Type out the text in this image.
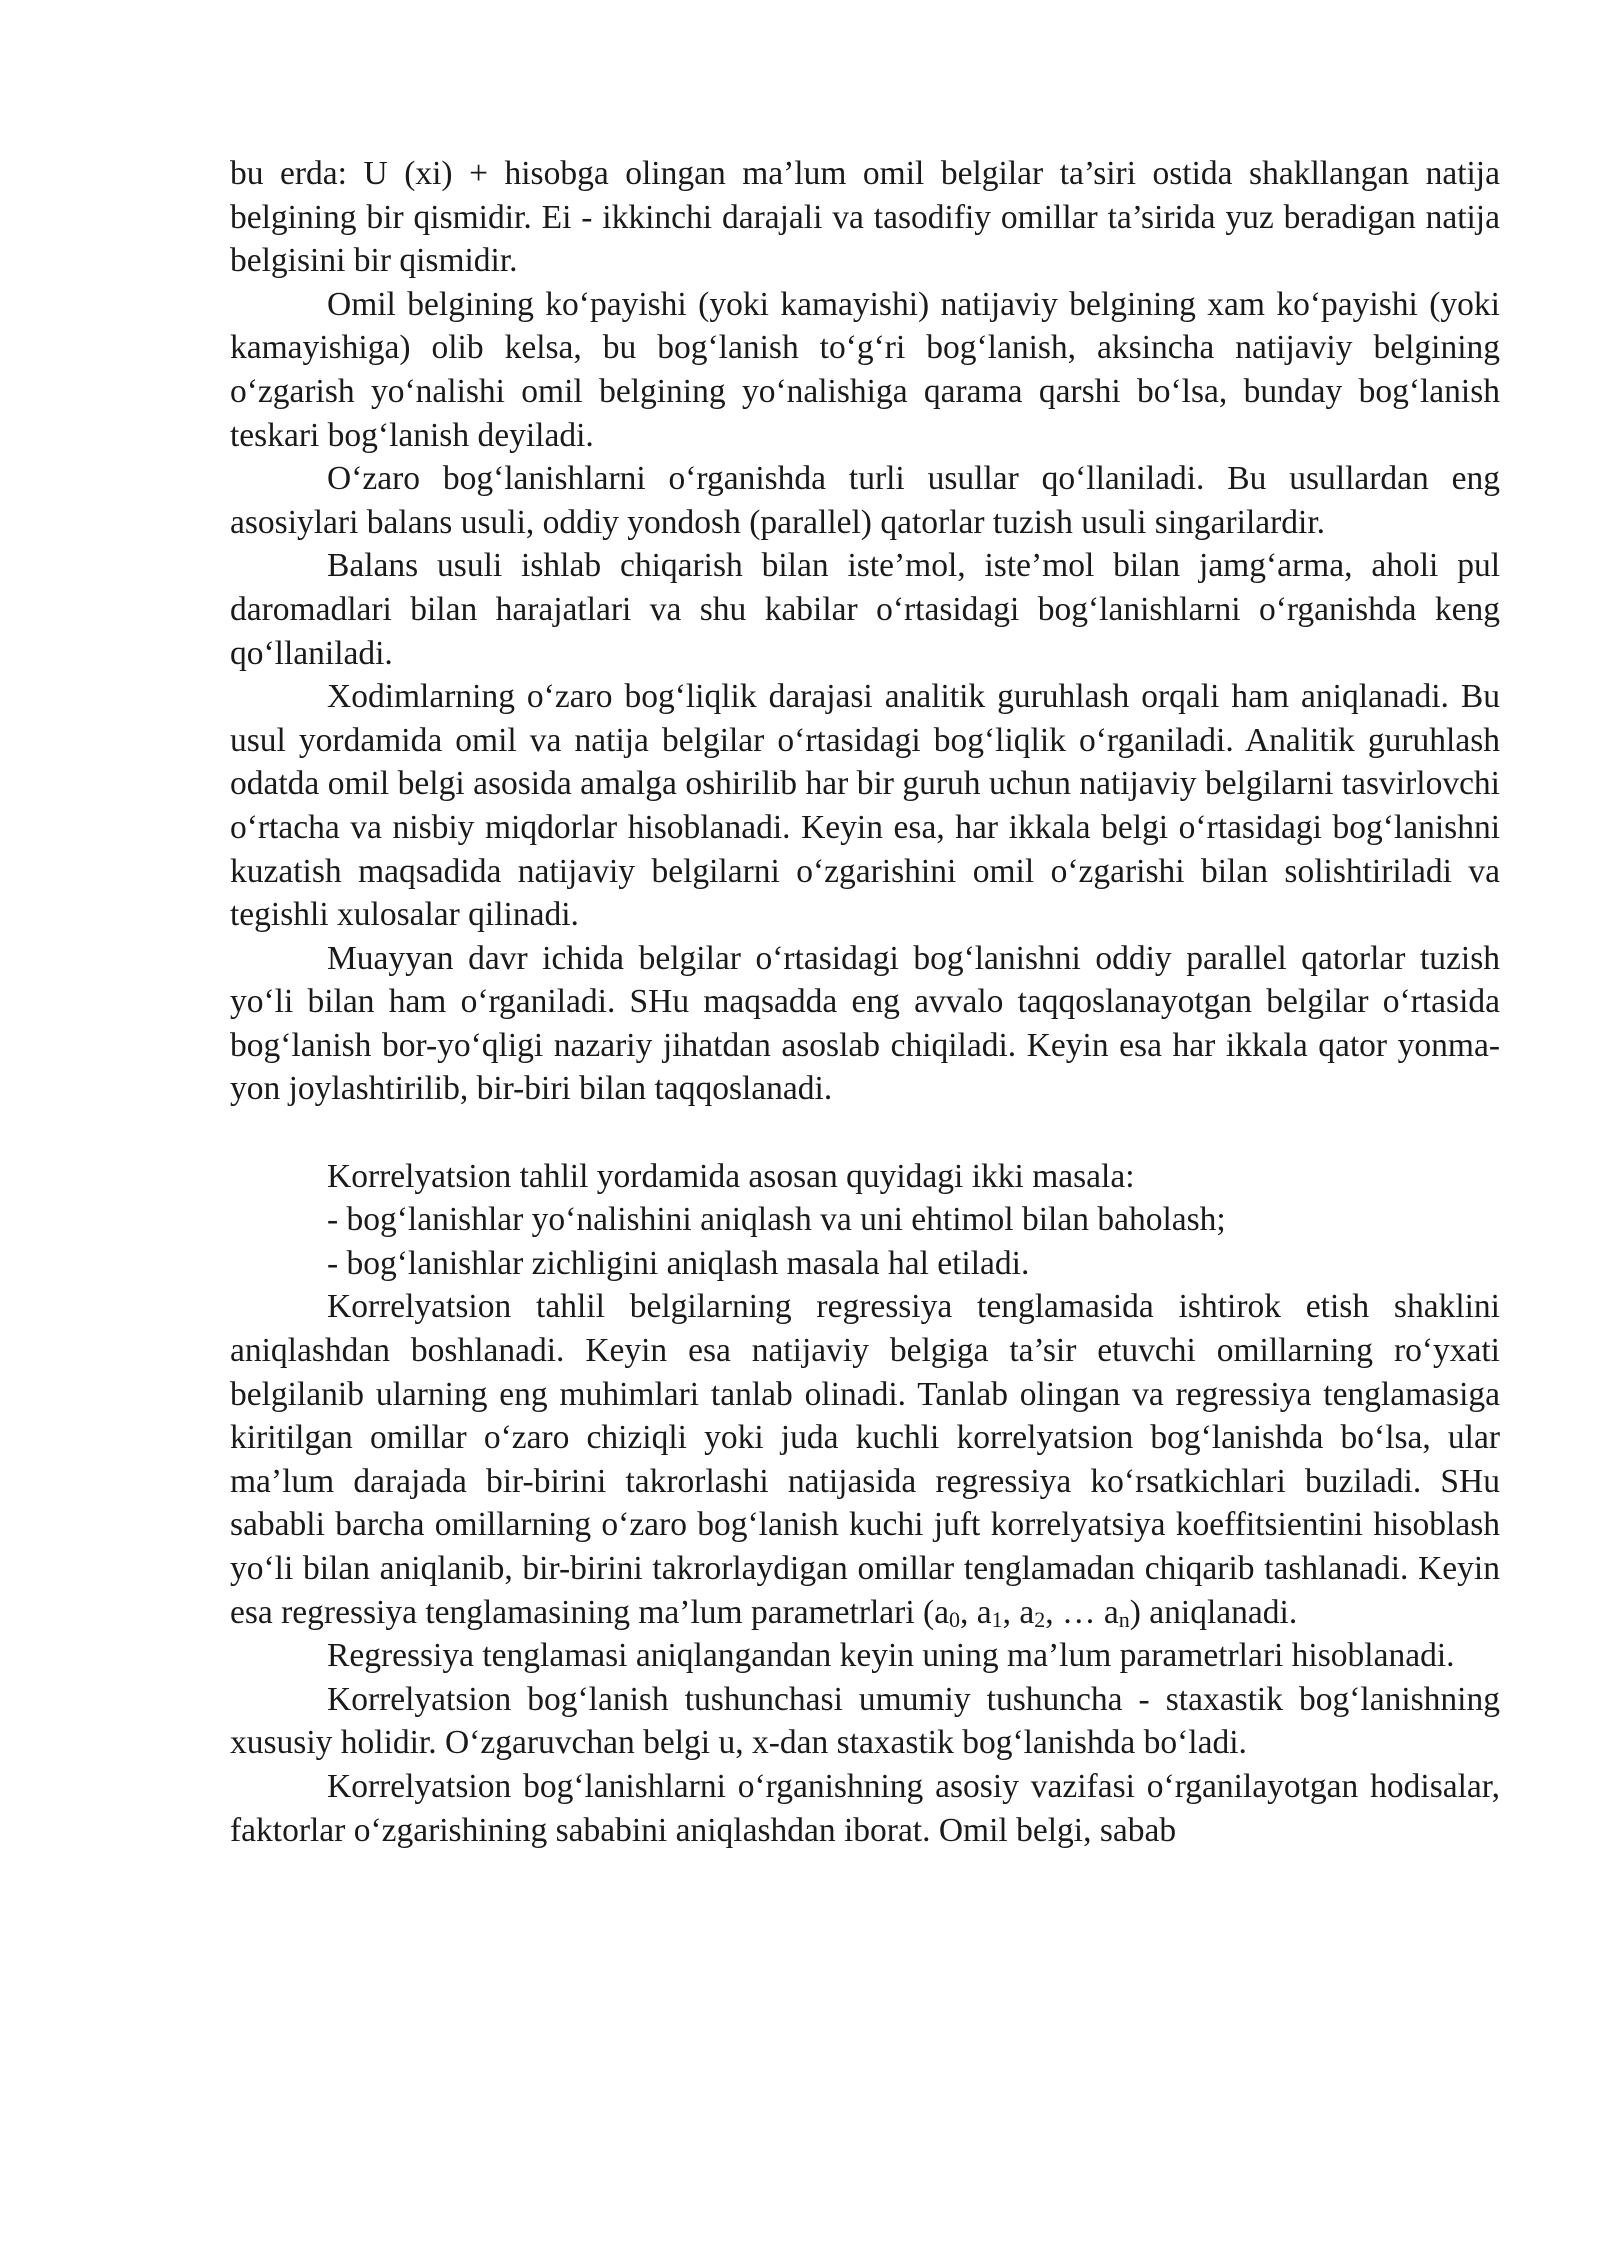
bu erda: U (xi) + hisobga olingan ma’lum omil belgilar ta’siri ostida shakllangan natija belgining bir qismidir. Ei - ikkinchi darajali va tasodifiy omillar ta’sirida yuz beradigan natija belgisini bir qismidir.

Omil belgining ko‘payishi (yoki kamayishi) natijaviy belgining xam ko‘payishi (yoki kamayishiga) olib kelsa, bu bog‘lanish to‘g‘ri bog‘lanish, aksincha natijaviy belgining o‘zgarish yo‘nalishi omil belgining yo‘nalishiga qarama qarshi bo‘lsa, bunday bog‘lanish teskari bog‘lanish deyiladi.

O‘zaro bog‘lanishlarni o‘rganishda turli usullar qo‘llaniladi. Bu usullardan eng asosiylari balans usuli, oddiy yondosh (parallel) qatorlar tuzish usuli singarilardir.

Balans usuli ishlab chiqarish bilan iste’mol, iste’mol bilan jamg‘arma, aholi pul daromadlari bilan harajatlari va shu kabilar o‘rtasidagi bog‘lanishlarni o‘rganishda keng qo‘llaniladi.

Xodimlarning o‘zaro bog‘liqlik darajasi analitik guruhlash orqali ham aniqlanadi. Bu usul yordamida omil va natija belgilar o‘rtasidagi bog‘liqlik o‘rganiladi. Analitik guruhlash odatda omil belgi asosida amalga oshirilib har bir guruh uchun natijaviy belgilarni tasvirlovchi o‘rtacha va nisbiy miqdorlar hisoblanadi. Keyin esa, har ikkala belgi o‘rtasidagi bog‘lanishni kuzatish maqsadida natijaviy belgilarni o‘zgarishini omil o‘zgarishi bilan solishtiriladi va tegishli xulosalar qilinadi.

Muayyan davr ichida belgilar o‘rtasidagi bog‘lanishni oddiy parallel qatorlar tuzish yo‘li bilan ham o‘rganiladi. SHu maqsadda eng avvalo taqqoslanayotgan belgilar o‘rtasida bog‘lanish bor-yo‘qligi nazariy jihatdan asoslab chiqiladi. Keyin esa har ikkala qator yonma-yon joylashtirilib, bir-biri bilan taqqoslanadi.

Korrelyatsion tahlil yordamida asosan quyidagi ikki masala:

- bog‘lanishlar yo‘nalishini aniqlash va uni ehtimol bilan baholash;

- bog‘lanishlar zichligini aniqlash masala hal etiladi.

Korrelyatsion tahlil belgilarning regressiya tenglamasida ishtirok etish shaklini aniqlashdan boshlanadi. Keyin esa natijaviy belgiga ta’sir etuvchi omillarning ro‘yxati belgilanib ularning eng muhimlari tanlab olinadi. Tanlab olingan va regressiya tenglamasiga kiritilgan omillar o‘zaro chiziqli yoki juda kuchli korrelyatsion bog‘lanishda bo‘lsa, ular ma’lum darajada bir-birini takrorlashi natijasida regressiya ko‘rsatkichlari buziladi. SHu sababli barcha omillarning o‘zaro bog‘lanish kuchi juft korrelyatsiya koeffitsientini hisoblash yo‘li bilan aniqlanib, bir-birini takrorlaydigan omillar tenglamadan chiqarib tashlanadi. Keyin esa regressiya tenglamasining ma’lum parametrlari ($a_0$, $a_1$, $a_2$, … $a_n$) aniqlanadi.

Regressiya tenglamasi aniqlangandan keyin uning ma’lum parametrlari hisoblanadi.

Korrelyatsion bog‘lanish tushunchasi umumiy tushuncha - staxastik bog‘lanishning xususiy holidir. O‘zgaruvchan belgi u, x-dan staxastik bog‘lanishda bo‘ladi.

Korrelyatsion bog‘lanishlarni o‘rganishning asosiy vazifasi o‘rganilayotgan hodisalar, faktorlar o‘zgarishining sababini aniqlashdan iborat. Omil belgi, sabab
